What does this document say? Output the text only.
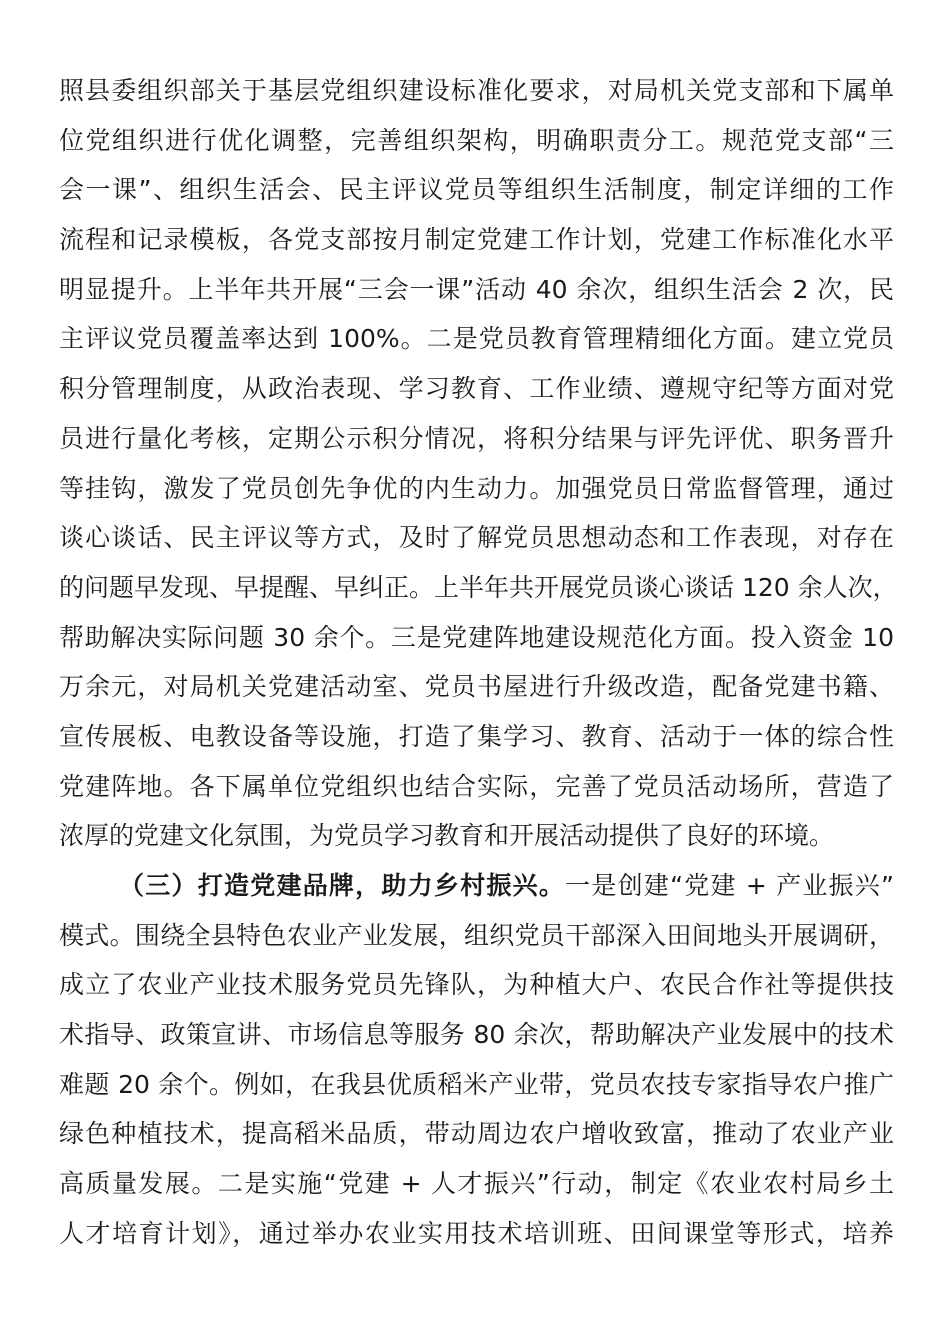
照县委组织部关于基层党组织建设标准化要求，对局机关党支部和下属单
位党组织进行优化调整，完善组织架构，明确职责分工。规范党支部“三
会一课”、组织生活会、民主评议党员等组织生活制度，制定详细的工作
流程和记录模板，各党支部按月制定党建工作计划，党建工作标准化水平
明显提升。上半年共开展“三会一课”活动 40 余次，组织生活会 2 次，民
主评议党员覆盖率达到 100%。二是党员教育管理精细化方面。建立党员
积分管理制度，从政治表现、学习教育、工作业绩、遵规守纪等方面对党
员进行量化考核，定期公示积分情况，将积分结果与评先评优、职务晋升
等挂钩，激发了党员创先争优的内生动力。加强党员日常监督管理，通过
谈心谈话、民主评议等方式，及时了解党员思想动态和工作表现，对存在
的问题早发现、早提醒、早纠正。上半年共开展党员谈心谈话 120 余人次，
帮助解决实际问题 30 余个。三是党建阵地建设规范化方面。投入资金 10
万余元，对局机关党建活动室、党员书屋进行升级改造，配备党建书籍、
宣传展板、电教设备等设施，打造了集学习、教育、活动于一体的综合性
党建阵地。各下属单位党组织也结合实际，完善了党员活动场所，营造了
浓厚的党建文化氛围，为党员学习教育和开展活动提供了良好的环境。
（三）打造党建品牌，助力乡村振兴。一是创建“党建 + 产业振兴”
模式。围绕全县特色农业产业发展，组织党员干部深入田间地头开展调研，
成立了农业产业技术服务党员先锋队，为种植大户、农民合作社等提供技
术指导、政策宣讲、市场信息等服务 80 余次，帮助解决产业发展中的技术
难题 20 余个。例如，在我县优质稻米产业带，党员农技专家指导农户推广
绿色种植技术，提高稻米品质，带动周边农户增收致富，推动了农业产业
高质量发展。二是实施“党建 + 人才振兴”行动，制定《农业农村局乡土
人才培育计划》，通过举办农业实用技术培训班、田间课堂等形式，培养
